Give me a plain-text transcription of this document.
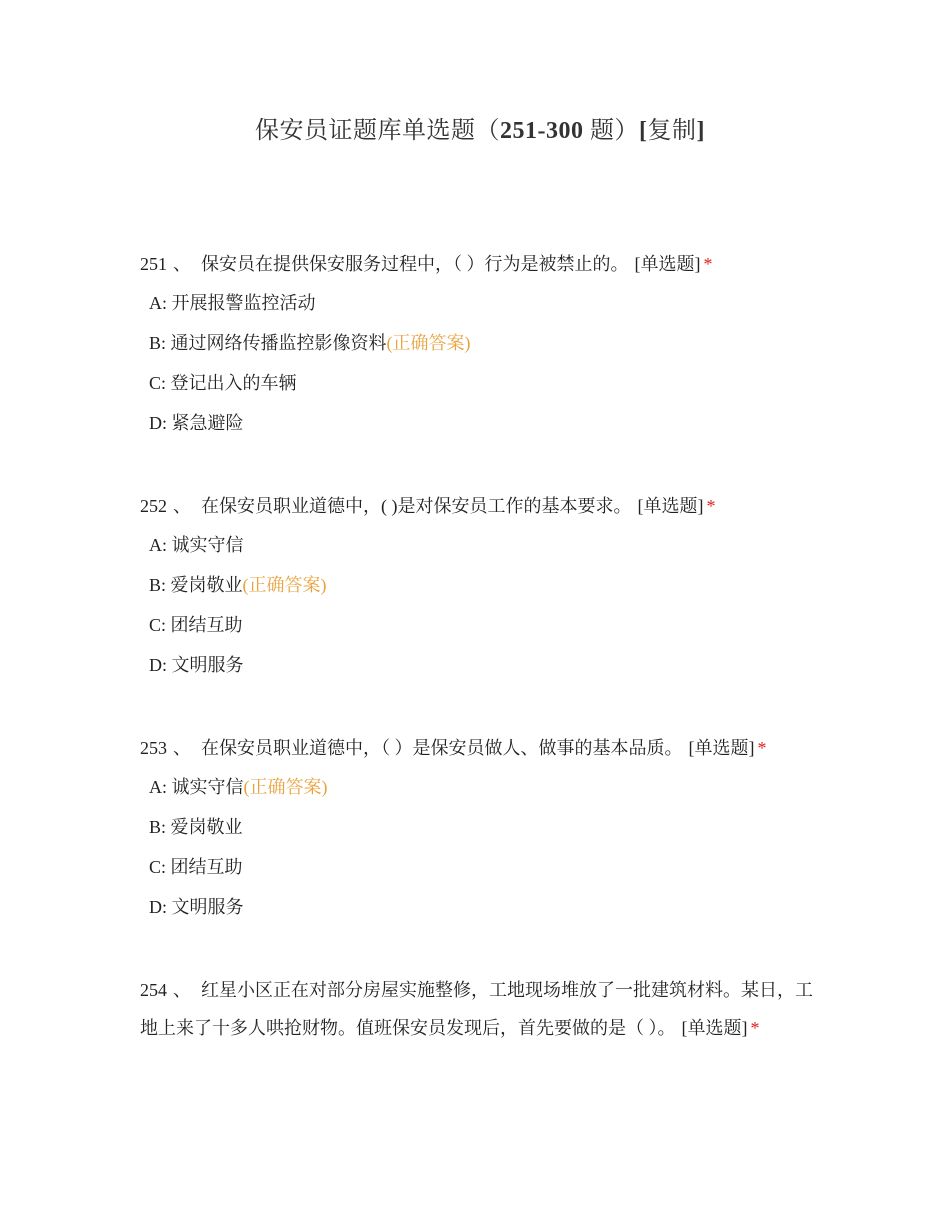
保安员证题库单选题（251-300 题）[复制]
251 、 保安员在提供保安服务过程中，（ ）行为是被禁止的。 [单选题] *
A: 开展报警监控活动
B: 通过网络传播监控影像资料(正确答案)
C: 登记出入的车辆
D: 紧急避险
252 、 在保安员职业道德中，( )是对保安员工作的基本要求。 [单选题] *
A: 诚实守信
B: 爱岗敬业(正确答案)
C: 团结互助
D: 文明服务
253 、 在保安员职业道德中，（ ）是保安员做人、做事的基本品质。 [单选题] *
A: 诚实守信(正确答案)
B: 爱岗敬业
C: 团结互助
D: 文明服务
254 、 红星小区正在对部分房屋实施整修，工地现场堆放了一批建筑材料。某日，工地上来了十多人哄抢财物。值班保安员发现后，首先要做的是（ ）。 [单选题] *
